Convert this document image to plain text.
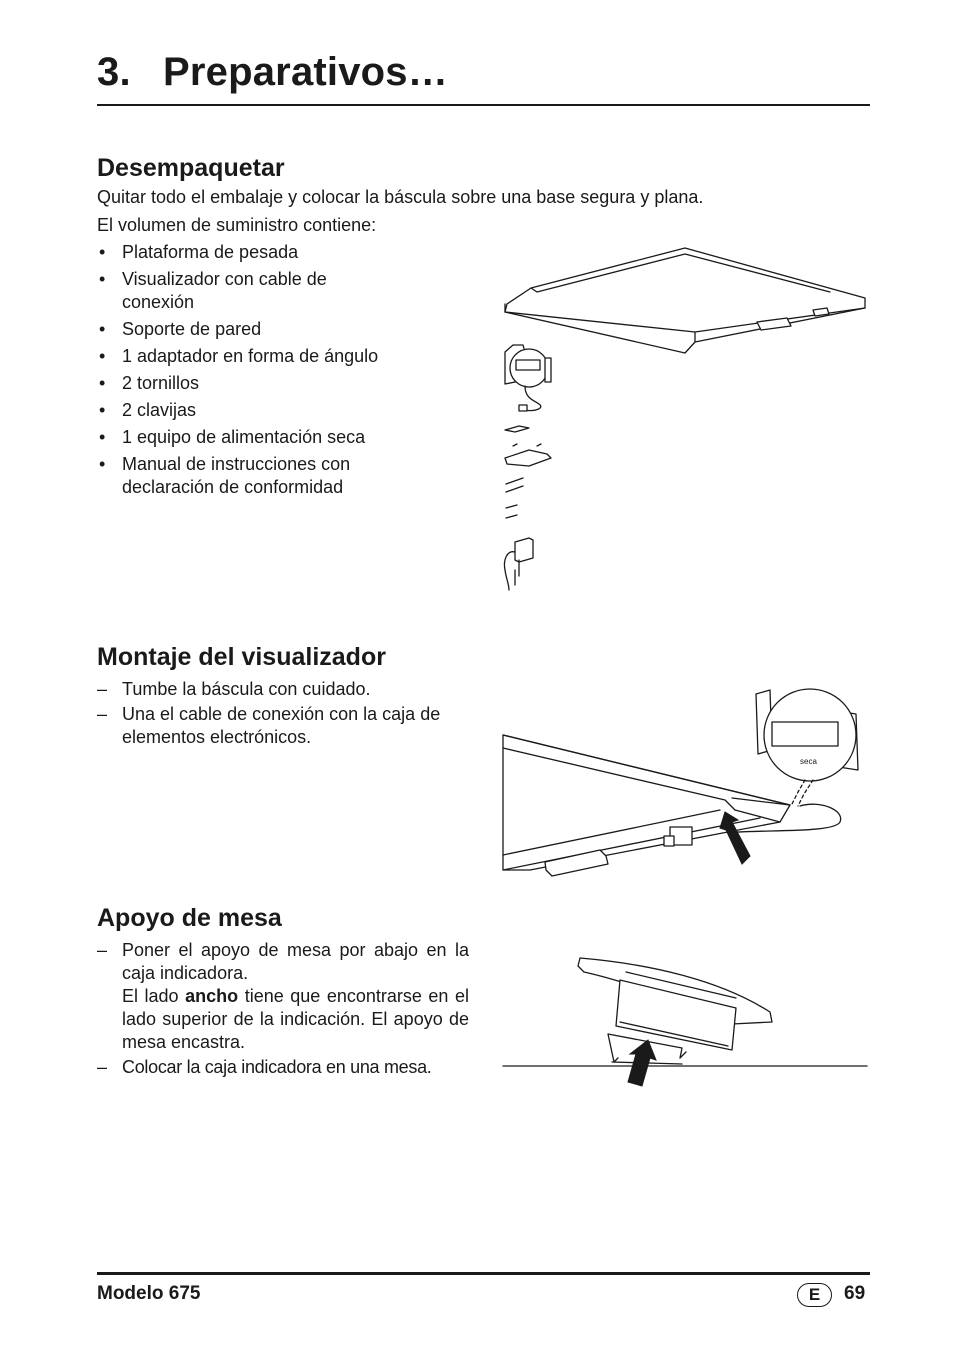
3. Preparativos…
Desempaquetar
Quitar todo el embalaje y colocar la báscula sobre una base segura y plana.
El volumen de suministro contiene:
• Plataforma de pesada
• Visualizador con cable de conexión
• Soporte de pared
• 1 adaptador en forma de ángulo
• 2 tornillos
• 2 clavijas
• 1 equipo de alimentación seca
• Manual de instrucciones con declaración de conformidad
Montaje del visualizador
– Tumbe la báscula con cuidado.
– Una el cable de conexión con la caja de elementos electrónicos.
seca
Apoyo de mesa
– Poner el apoyo de mesa por abajo en la caja indicadora.
El lado ancho tiene que encontrarse en el lado superior de la indicación. El apoyo de mesa encastra.
– Colocar la caja indicadora en una mesa.
Modelo 675	E	69
